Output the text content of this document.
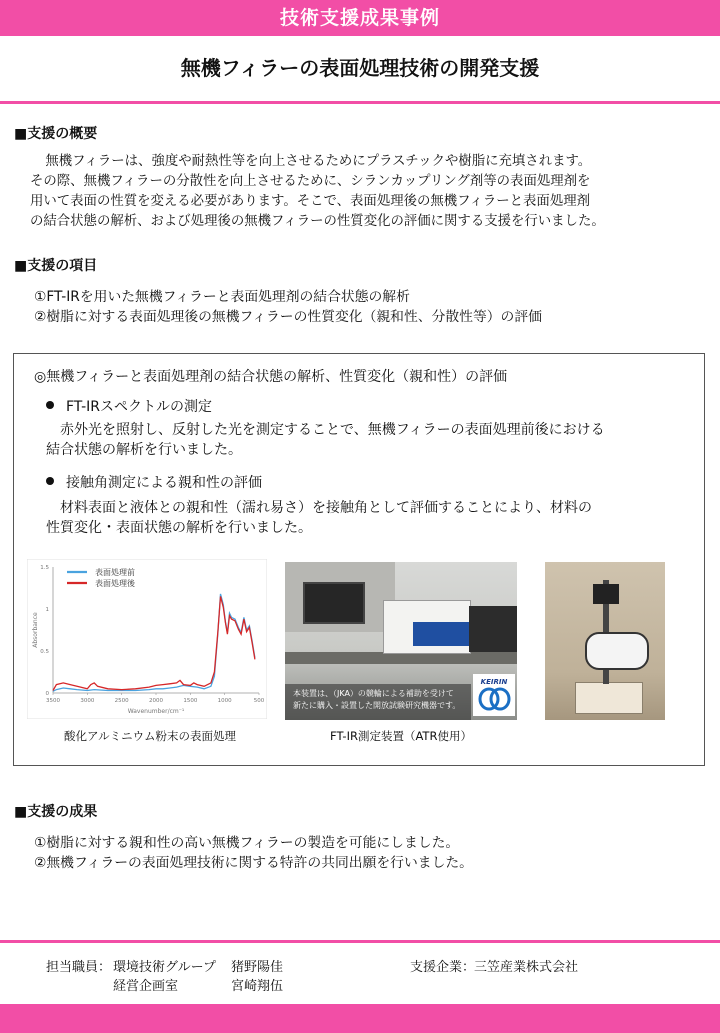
技術支援成果事例
無機フィラーの表面処理技術の開発支援
■支援の概要
　無機フィラーは、強度や耐熱性等を向上させるためにプラスチックや樹脂に充填されます。
その際、無機フィラーの分散性を向上させるために、シランカップリング剤等の表面処理剤を
用いて表面の性質を変える必要があります。そこで、表面処理後の無機フィラーと表面処理剤
の結合状態の解析、および処理後の無機フィラーの性質変化の評価に関する支援を行いました。
■支援の項目
①FT-IRを用いた無機フィラーと表面処理剤の結合状態の解析
②樹脂に対する表面処理後の無機フィラーの性質変化（親和性、分散性等）の評価
◎無機フィラーと表面処理剤の結合状態の解析、性質変化（親和性）の評価
FT-IRスペクトルの測定
　赤外光を照射し、反射した光を測定することで、無機フィラーの表面処理前後における
結合状態の解析を行いました。
接触角測定による親和性の評価
　材料表面と液体との親和性（濡れ易さ）を接触角として評価することにより、材料の
性質変化・表面状態の解析を行いました。
0
0.5
1
1.5
3500	3000	2500	2000	1500	1000	500
Wavenumber/cm⁻¹
Absorbance
表面処理前
表面処理後
酸化アルミニウム粉末の表面処理
本装置は、（JKA）の競輪による補助を受けて
新たに購入・設置した開放試験研究機器です。
KEIRIN
FT-IR測定装置（ATR使用）
■支援の成果
①樹脂に対する親和性の高い無機フィラーの製造を可能にしました。
②無機フィラーの表面処理技術に関する特許の共同出願を行いました。
担当職員： 環境技術グループ 猪野陽佳
経営企画室	宮崎翔伍
支援企業：
三笠産業株式会社
